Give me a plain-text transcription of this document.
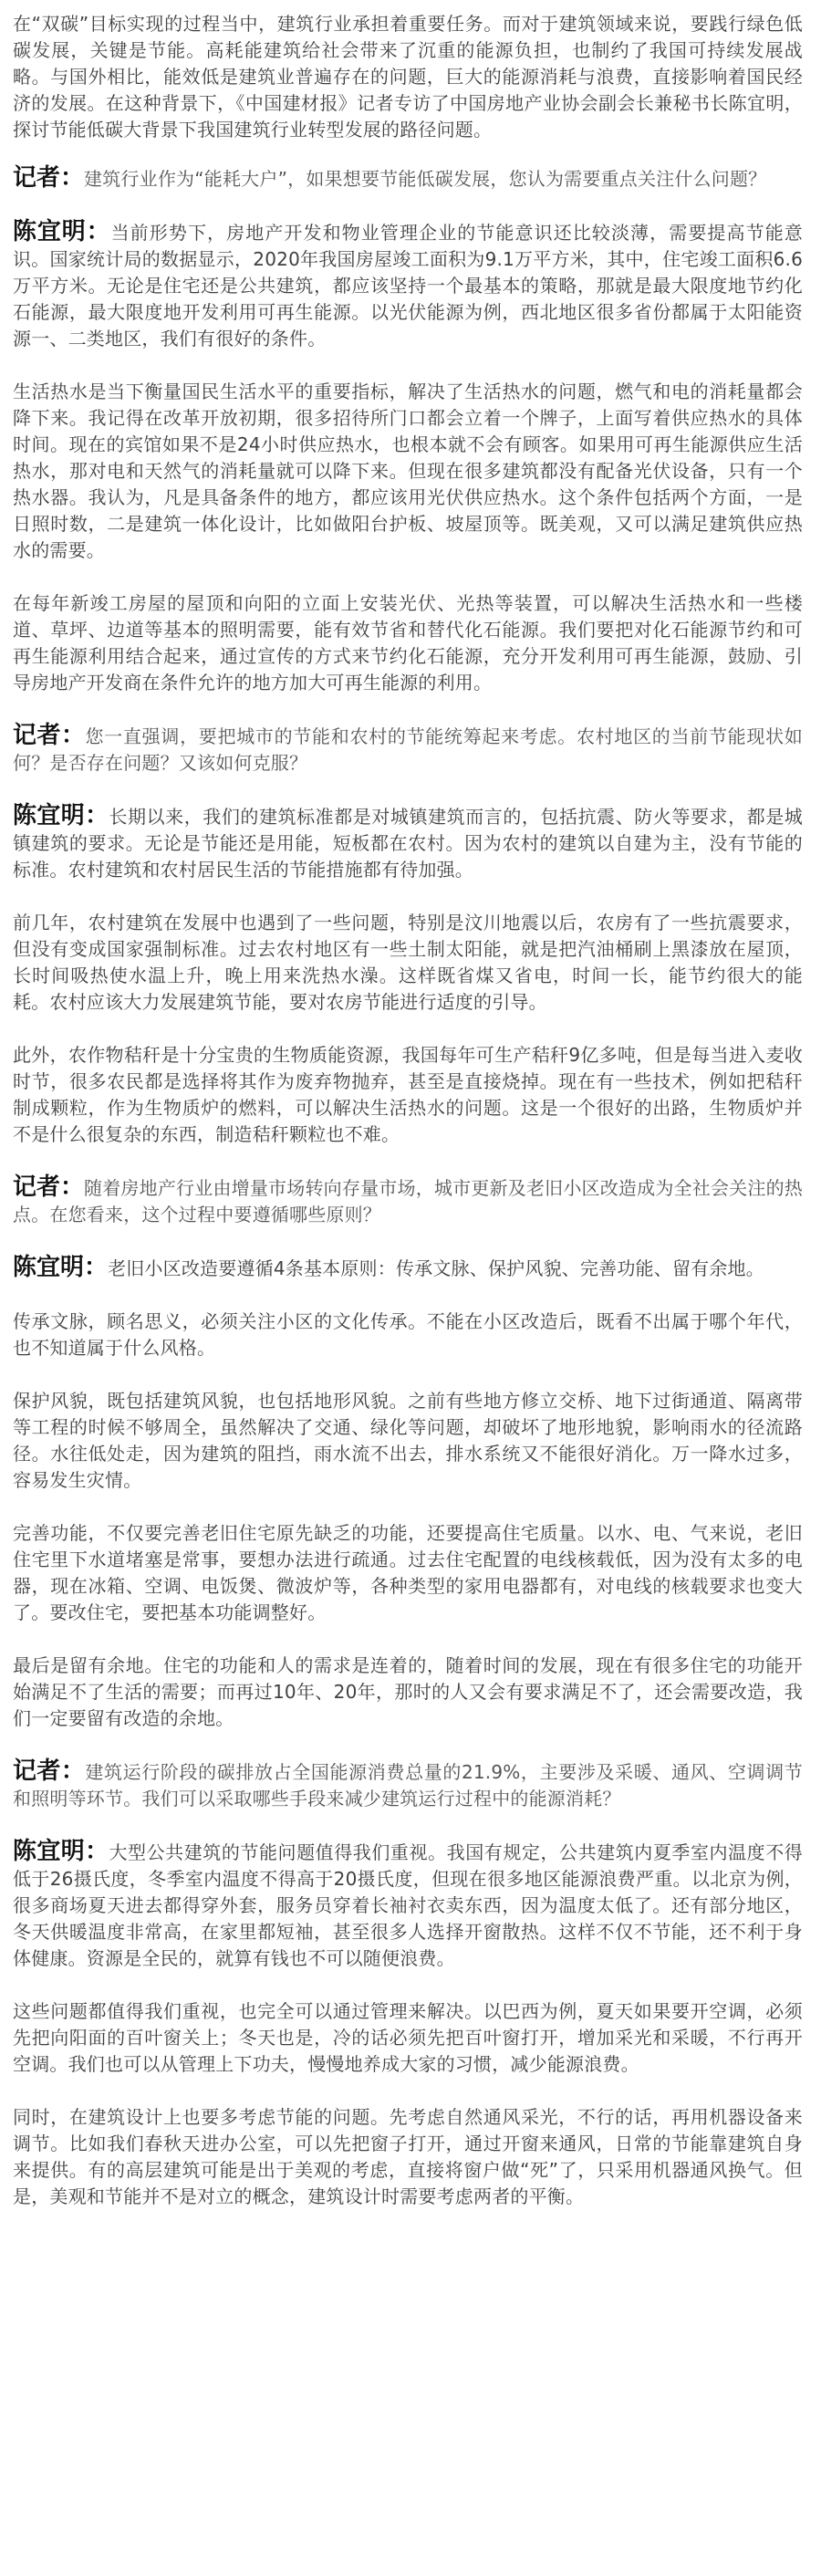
在“双碳”目标实现的过程当中，建筑行业承担着重要任务。而对于建筑领域来说，要践行绿色低碳发展，关键是节能。高耗能建筑给社会带来了沉重的能源负担，也制约了我国可持续发展战略。与国外相比，能效低是建筑业普遍存在的问题，巨大的能源消耗与浪费，直接影响着国民经济的发展。在这种背景下，《中国建材报》记者专访了中国房地产业协会副会长兼秘书长陈宜明，探讨节能低碳大背景下我国建筑行业转型发展的路径问题。

记者：建筑行业作为“能耗大户”，如果想要节能低碳发展，您认为需要重点关注什么问题？

陈宜明：当前形势下，房地产开发和物业管理企业的节能意识还比较淡薄，需要提高节能意识。国家统计局的数据显示，2020年我国房屋竣工面积为9.1万平方米，其中，住宅竣工面积6.6万平方米。无论是住宅还是公共建筑，都应该坚持一个最基本的策略，那就是最大限度地节约化石能源，最大限度地开发利用可再生能源。以光伏能源为例，西北地区很多省份都属于太阳能资源一、二类地区，我们有很好的条件。

生活热水是当下衡量国民生活水平的重要指标，解决了生活热水的问题，燃气和电的消耗量都会降下来。我记得在改革开放初期，很多招待所门口都会立着一个牌子，上面写着供应热水的具体时间。现在的宾馆如果不是24小时供应热水，也根本就不会有顾客。如果用可再生能源供应生活热水，那对电和天然气的消耗量就可以降下来。但现在很多建筑都没有配备光伏设备，只有一个热水器。我认为，凡是具备条件的地方，都应该用光伏供应热水。这个条件包括两个方面，一是日照时数，二是建筑一体化设计，比如做阳台护板、坡屋顶等。既美观，又可以满足建筑供应热水的需要。

在每年新竣工房屋的屋顶和向阳的立面上安装光伏、光热等装置，可以解决生活热水和一些楼道、草坪、边道等基本的照明需要，能有效节省和替代化石能源。我们要把对化石能源节约和可再生能源利用结合起来，通过宣传的方式来节约化石能源，充分开发利用可再生能源，鼓励、引导房地产开发商在条件允许的地方加大可再生能源的利用。

记者：您一直强调，要把城市的节能和农村的节能统筹起来考虑。农村地区的当前节能现状如何？是否存在问题？又该如何克服？

陈宜明：长期以来，我们的建筑标准都是对城镇建筑而言的，包括抗震、防火等要求，都是城镇建筑的要求。无论是节能还是用能，短板都在农村。因为农村的建筑以自建为主，没有节能的标准。农村建筑和农村居民生活的节能措施都有待加强。

前几年，农村建筑在发展中也遇到了一些问题，特别是汶川地震以后，农房有了一些抗震要求，但没有变成国家强制标准。过去农村地区有一些土制太阳能，就是把汽油桶刷上黑漆放在屋顶，长时间吸热使水温上升，晚上用来洗热水澡。这样既省煤又省电，时间一长，能节约很大的能耗。农村应该大力发展建筑节能，要对农房节能进行适度的引导。

此外，农作物秸秆是十分宝贵的生物质能资源，我国每年可生产秸秆9亿多吨，但是每当进入麦收时节，很多农民都是选择将其作为废弃物抛弃，甚至是直接烧掉。现在有一些技术，例如把秸秆制成颗粒，作为生物质炉的燃料，可以解决生活热水的问题。这是一个很好的出路，生物质炉并不是什么很复杂的东西，制造秸秆颗粒也不难。

记者：随着房地产行业由增量市场转向存量市场，城市更新及老旧小区改造成为全社会关注的热点。在您看来，这个过程中要遵循哪些原则？

陈宜明：老旧小区改造要遵循4条基本原则：传承文脉、保护风貌、完善功能、留有余地。

传承文脉，顾名思义，必须关注小区的文化传承。不能在小区改造后，既看不出属于哪个年代，也不知道属于什么风格。

保护风貌，既包括建筑风貌，也包括地形风貌。之前有些地方修立交桥、地下过街通道、隔离带等工程的时候不够周全，虽然解决了交通、绿化等问题，却破坏了地形地貌，影响雨水的径流路径。水往低处走，因为建筑的阻挡，雨水流不出去，排水系统又不能很好消化。万一降水过多，容易发生灾情。

完善功能，不仅要完善老旧住宅原先缺乏的功能，还要提高住宅质量。以水、电、气来说，老旧住宅里下水道堵塞是常事，要想办法进行疏通。过去住宅配置的电线核载低，因为没有太多的电器，现在冰箱、空调、电饭煲、微波炉等，各种类型的家用电器都有，对电线的核载要求也变大了。要改住宅，要把基本功能调整好。

最后是留有余地。住宅的功能和人的需求是连着的，随着时间的发展，现在有很多住宅的功能开始满足不了生活的需要；而再过10年、20年，那时的人又会有要求满足不了，还会需要改造，我们一定要留有改造的余地。

记者：建筑运行阶段的碳排放占全国能源消费总量的21.9%，主要涉及采暖、通风、空调调节和照明等环节。我们可以采取哪些手段来减少建筑运行过程中的能源消耗？

陈宜明：大型公共建筑的节能问题值得我们重视。我国有规定，公共建筑内夏季室内温度不得低于26摄氏度，冬季室内温度不得高于20摄氏度，但现在很多地区能源浪费严重。以北京为例，很多商场夏天进去都得穿外套，服务员穿着长袖衬衣卖东西，因为温度太低了。还有部分地区，冬天供暖温度非常高，在家里都短袖，甚至很多人选择开窗散热。这样不仅不节能，还不利于身体健康。资源是全民的，就算有钱也不可以随便浪费。

这些问题都值得我们重视，也完全可以通过管理来解决。以巴西为例，夏天如果要开空调，必须先把向阳面的百叶窗关上；冬天也是，冷的话必须先把百叶窗打开，增加采光和采暖，不行再开空调。我们也可以从管理上下功夫，慢慢地养成大家的习惯，减少能源浪费。

同时，在建筑设计上也要多考虑节能的问题。先考虑自然通风采光，不行的话，再用机器设备来调节。比如我们春秋天进办公室，可以先把窗子打开，通过开窗来通风，日常的节能靠建筑自身来提供。有的高层建筑可能是出于美观的考虑，直接将窗户做“死”了，只采用机器通风换气。但是，美观和节能并不是对立的概念，建筑设计时需要考虑两者的平衡。
